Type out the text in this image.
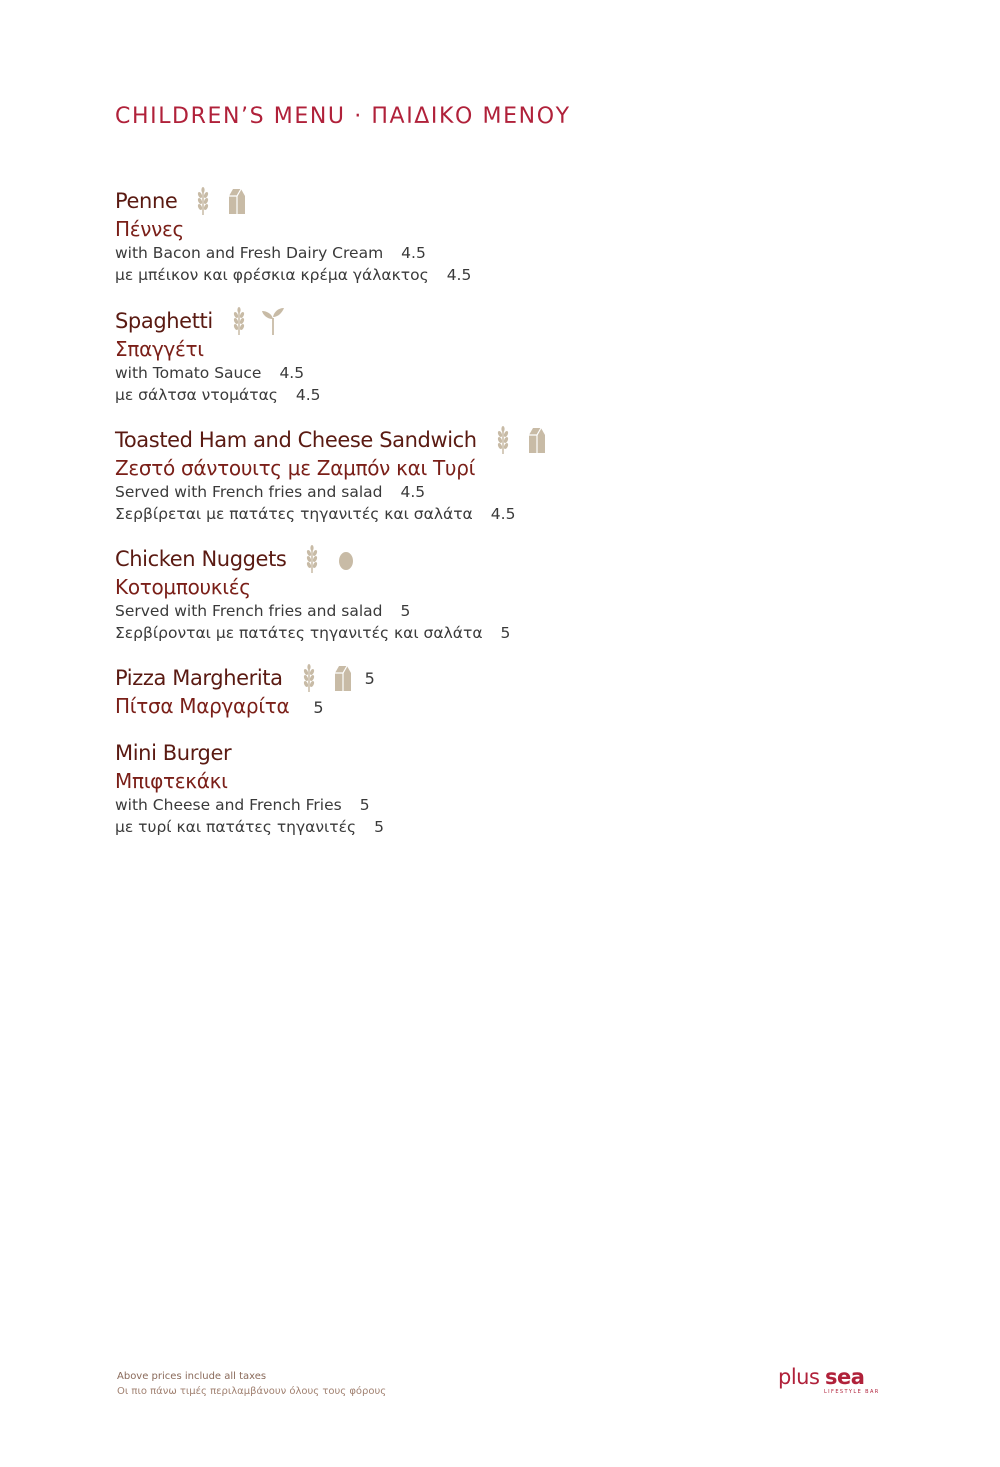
CHILDREN’S MENU · ΠΑΙΔΙΚΟ ΜΕΝΟΥ
Penne
Πέννες
with Bacon and Fresh Dairy Cream 4.5
με μπέικον και φρέσκια κρέμα γάλακτος 4.5
Spaghetti
Σπαγγέτι
with Tomato Sauce 4.5
με σάλτσα ντομάτας 4.5
Toasted Ham and Cheese Sandwich
Ζεστό σάντουιτς με Ζαμπόν και Τυρί
Served with French fries and salad 4.5
Σερβίρεται με πατάτες τηγανιτές και σαλάτα 4.5
Chicken Nuggets
Κοτομπουκιές
Served with French fries and salad 5
Σερβίρονται με πατάτες τηγανιτές και σαλάτα 5
Pizza Margherita	5
Πίτσα Μαργαρίτα 5
Mini Burger
Μπιφτεκάκι
with Cheese and French Fries 5
με τυρί και πατάτες τηγανιτές 5
Above prices include all taxes
Οι πιο πάνω τιμές περιλαμβάνουν όλους τους φόρους
plus sea
LIFESTYLE BAR
